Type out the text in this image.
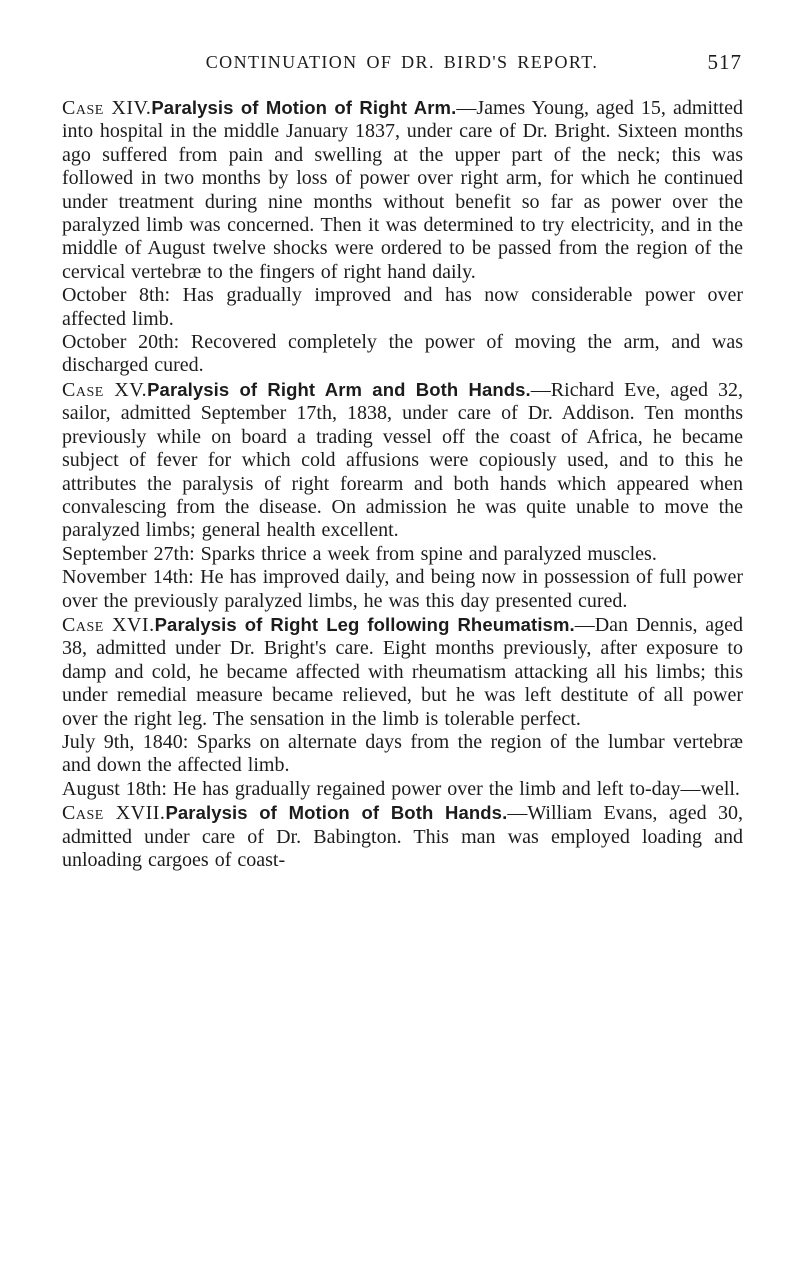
CONTINUATION OF DR. BIRD'S REPORT.	517

Case XIV.Paralysis of Motion of Right Arm.—James Young, aged 15, admitted into hospital in the middle January 1837, under care of Dr. Bright. Sixteen months ago suffered from pain and swelling at the upper part of the neck; this was followed in two months by loss of power over right arm, for which he continued under treatment during nine months without benefit so far as power over the paralyzed limb was concerned. Then it was determined to try electricity, and in the middle of August twelve shocks were ordered to be passed from the region of the cervical vertebræ to the fingers of right hand daily.

October 8th: Has gradually improved and has now considerable power over affected limb.

October 20th: Recovered completely the power of moving the arm, and was discharged cured.

Case XV.Paralysis of Right Arm and Both Hands.—Richard Eve, aged 32, sailor, admitted September 17th, 1838, under care of Dr. Addison. Ten months previously while on board a trading vessel off the coast of Africa, he became subject of fever for which cold affusions were copiously used, and to this he attributes the paralysis of right forearm and both hands which appeared when convalescing from the disease. On admission he was quite unable to move the paralyzed limbs; general health excellent.

September 27th: Sparks thrice a week from spine and paralyzed muscles.

November 14th: He has improved daily, and being now in possession of full power over the previously paralyzed limbs, he was this day presented cured.

Case XVI.Paralysis of Right Leg following Rheumatism.—Dan Dennis, aged 38, admitted under Dr. Bright's care. Eight months previously, after exposure to damp and cold, he became affected with rheumatism attacking all his limbs; this under remedial measure became relieved, but he was left destitute of all power over the right leg. The sensation in the limb is tolerable perfect.

July 9th, 1840: Sparks on alternate days from the region of the lumbar vertebræ and down the affected limb.

August 18th: He has gradually regained power over the limb and left to-day—well.

Case XVII.Paralysis of Motion of Both Hands.—William Evans, aged 30, admitted under care of Dr. Babington. This man was employed loading and unloading cargoes of coast-
